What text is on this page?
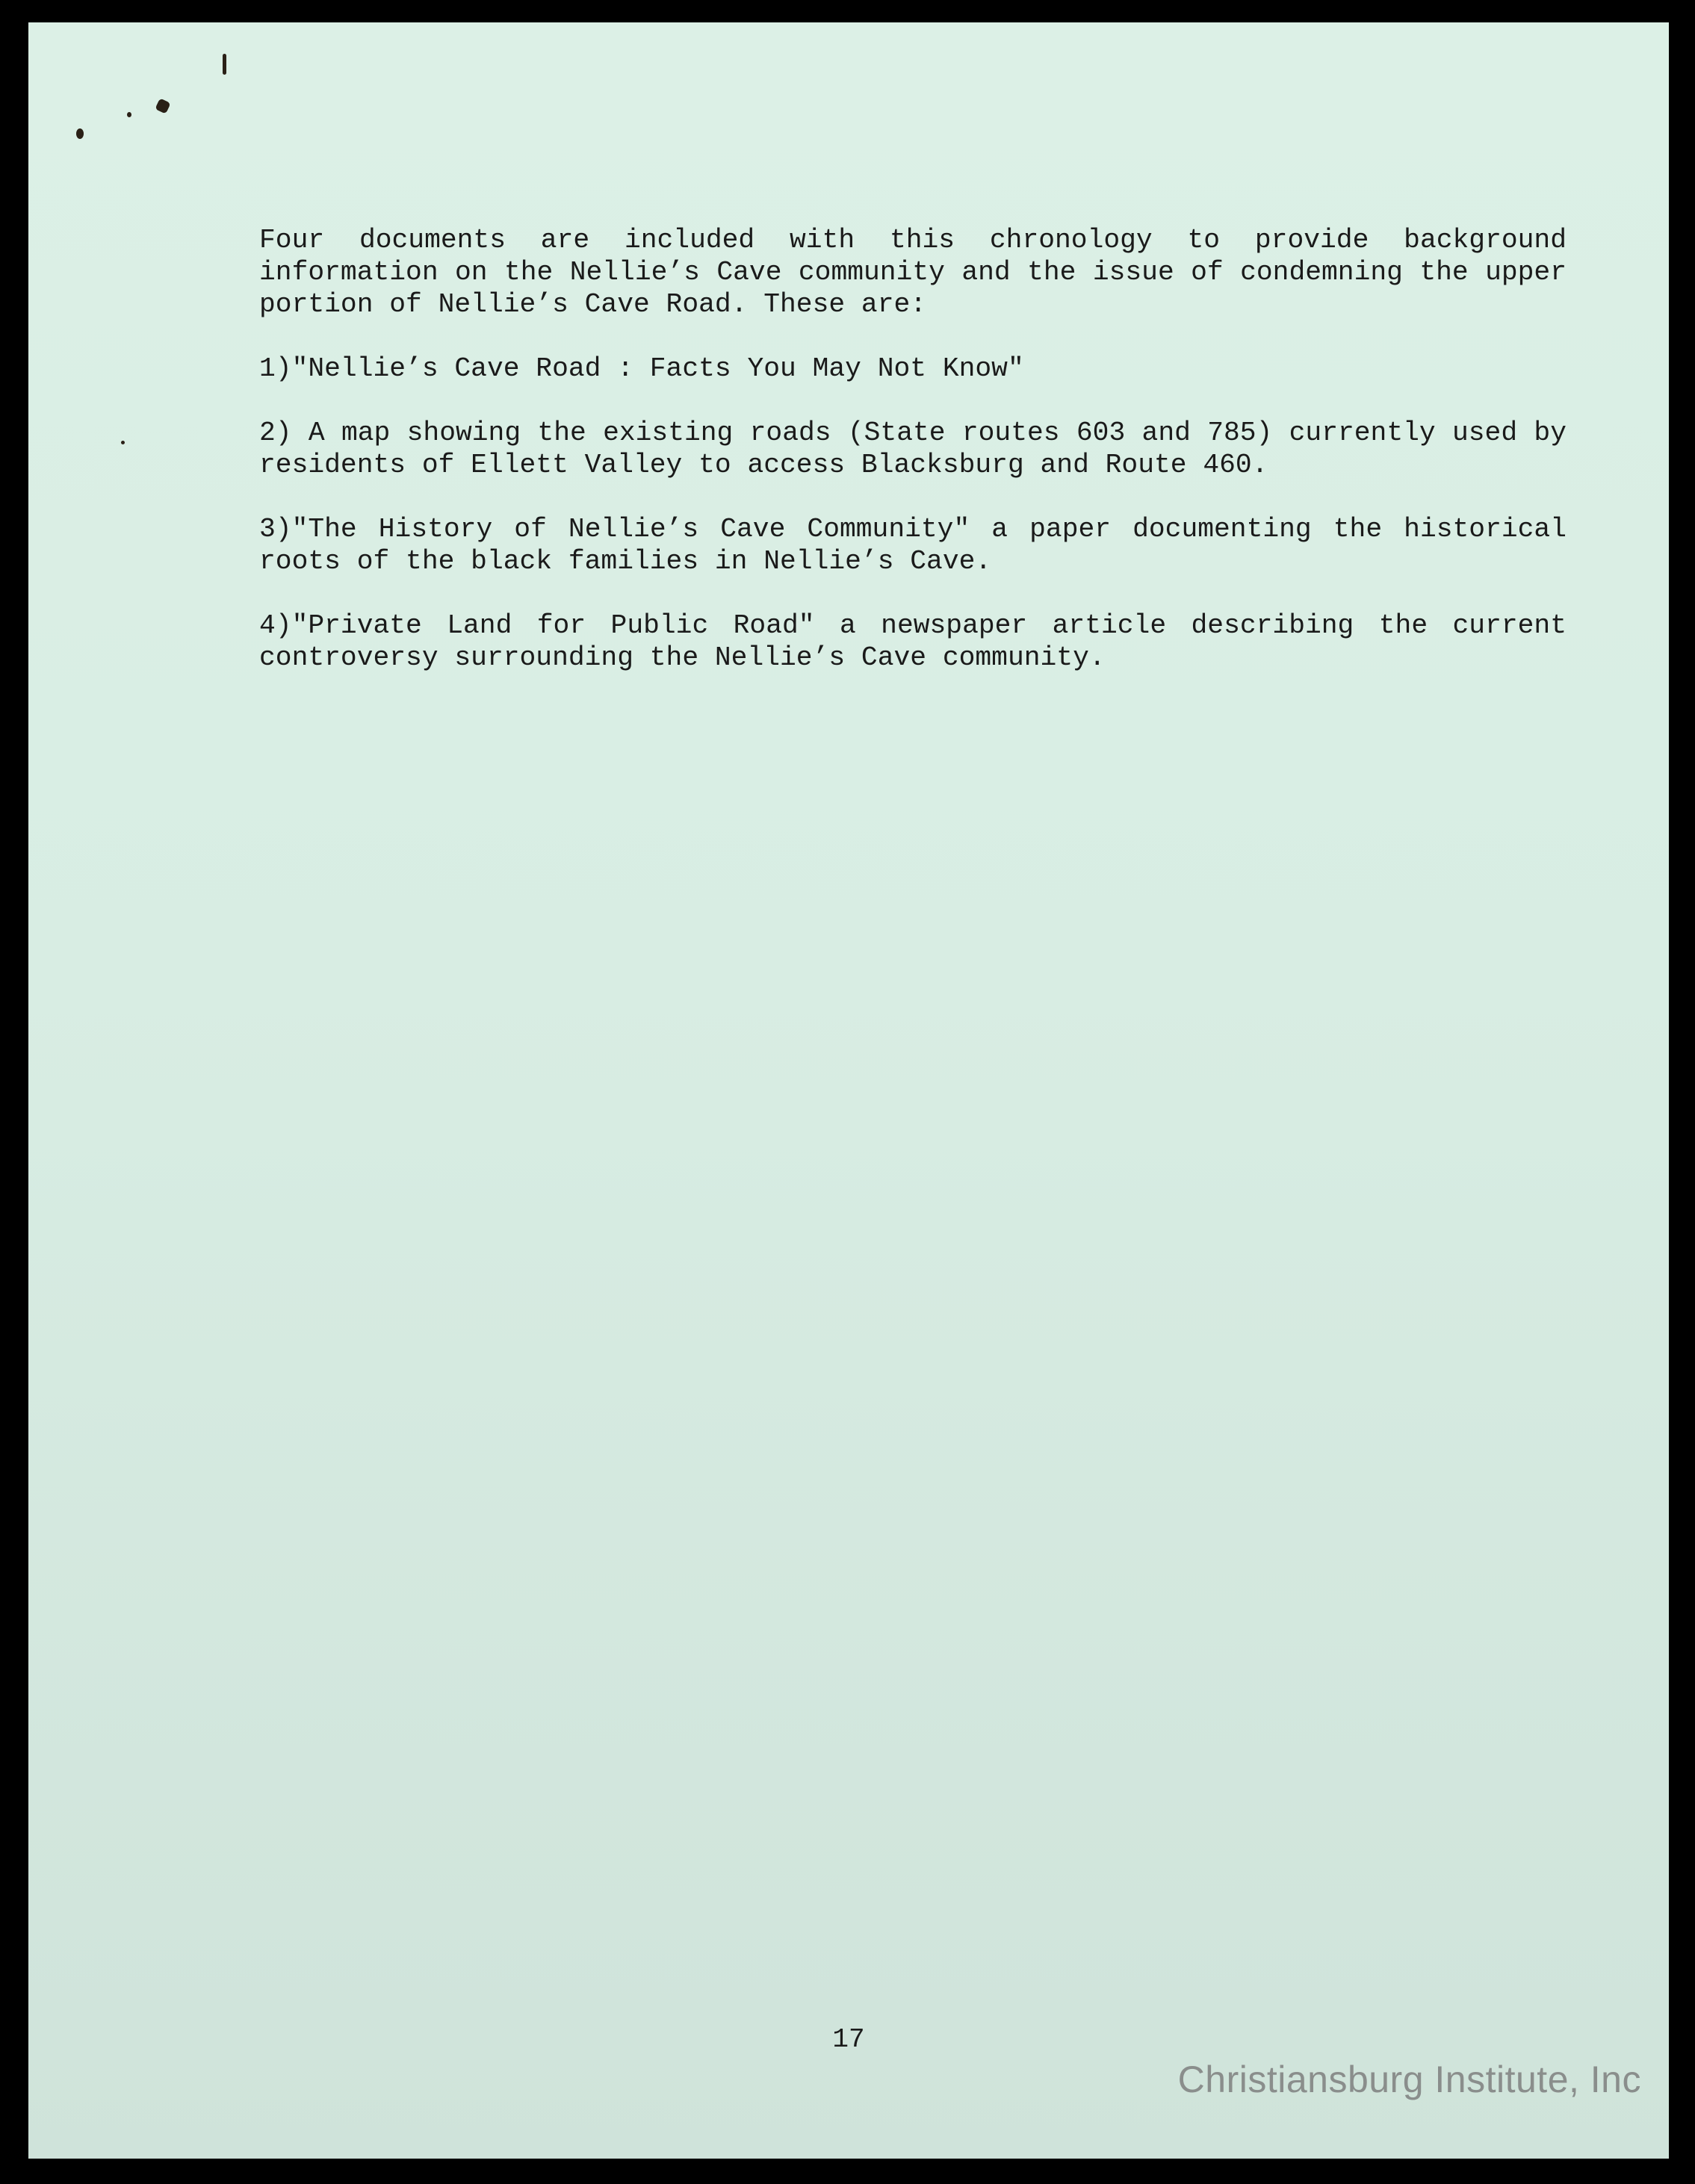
Four documents are included with this chronology to provide background information on the Nellie’s Cave community and the issue of condemning the upper portion of Nellie’s Cave Road. These are:

1)"Nellie’s Cave Road : Facts You May Not Know"

2) A map showing the existing roads (State routes 603 and 785) currently used by residents of Ellett Valley to access Blacksburg and Route 460.

3)"The History of Nellie’s Cave Community" a paper documenting the historical roots of the black families in Nellie’s Cave.

4)"Private Land for Public Road" a newspaper article describing the current controversy surrounding the Nellie’s Cave community.

17
Christiansburg Institute, Inc
